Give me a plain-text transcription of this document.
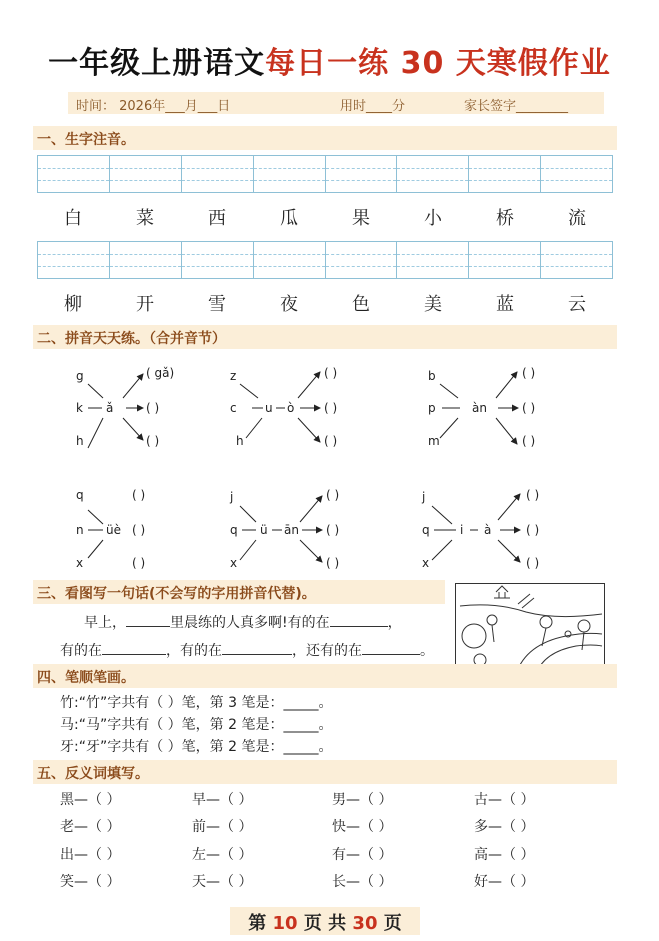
一年级上册语文每日一练 30 天寒假作业
时间： 2026年___月___日	用时____分	家长签字________
一、生字注音。
白	菜	西	瓜	果	小	桥	流
柳	开	雪	夜	色	美	蓝	云
二、拼音天天练。（合并音节）
g
k
h
ǎ
( gǎ)
( )
( )
z
c
h
u ò
( )
( )
( )
b
p
m
àn
( )
( )
( )
q
n
x
üè
( )
( )
( )
j
q
x
ü ān
( )
( )
( )
j
q
x
i à
( )
( )
( )
三、看图写一句话(不会写的字用拼音代替)。
早上，	里晨练的人真多啊!有的在	，
有的在	，有的在	，还有的在	。
四、笔顺笔画。
竹:“竹”字共有（ ）笔，第 3 笔是：_____。
马:“马”字共有（ ）笔，第 2 笔是：_____。
牙:“牙”字共有（ ）笔，第 2 笔是：_____。
五、反义词填写。
黑—（ ）	早—（ ）	男—（ ）	古—（ ）
老—（ ）	前—（ ）	快—（ ）	多—（ ）
出—（ ）	左—（ ）	有—（ ）	高—（ ）
笑—（ ）	天—（ ）	长—（ ）	好—（ ）
第 10 页 共 30 页
